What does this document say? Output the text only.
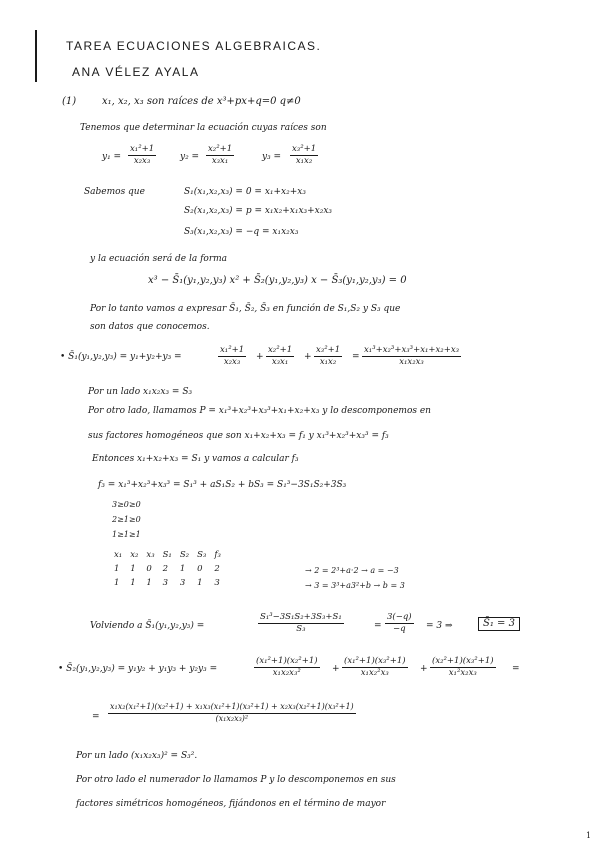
TAREA ECUACIONES ALGEBRAICAS.
ANA VÉLEZ AYALA
(1)	x₁, x₂, x₃ son raíces de x³+px+q=0 q≠0
Tenemos que determinar la ecuación cuyas raíces son
$y_1 = \frac{\text{x₁²+1}}{\text{x₂x₃}}$	$y_2 = \frac{\text{x₂²+1}}{\text{x₃x₁}}$	$y_3 = \frac{\text{x₃²+1}}{\text{x₁x₂}}$
Sabemos que	S₁(x₁,x₂,x₃) = 0 = x₁+x₂+x₃
S₂(x₁,x₂,x₃) = p = x₁x₂+x₁x₃+x₂x₃
S₃(x₁,x₂,x₃) = −q = x₁x₂x₃
y la ecuación será de la forma
x³ − S̄₁(y₁,y₂,y₃) x² + S̄₂(y₁,y₂,y₃) x − S̄₃(y₁,y₂,y₃) = 0
Por lo tanto vamos a expresar S̄₁, S̄₂, S̄₃ en función de S₁,S₂ y S₃ que
son datos que conocemos.
• S̄₁(y₁,y₂,y₃) = y₁+y₂+y₃ =	$\frac{\text{x₁²+1}}{\text{x₂x₃}} + \frac{\text{x₂²+1}}{\text{x₃x₁}} + \frac{\text{x₃²+1}}{\text{x₁x₂}} = \frac{\text{x₁³+x₂³+x₃³+x₁+x₂+x₃}}{\text{x₁x₂x₃}}$
Por un lado x₁x₂x₃ = S₃
Por otro lado, llamamos P = x₁³+x₂³+x₃³+x₁+x₂+x₃ y lo descomponemos en
sus factores homogéneos que son x₁+x₂+x₃ = f₁ y x₁³+x₂³+x₃³ = f₃
Entonces x₁+x₂+x₃ = S₁ y vamos a calcular f₃
f₃ = x₁³+x₂³+x₃³ = S₁³ + aS₁S₂ + bS₃ = S₁³−3S₁S₂+3S₃
3≥0≥0
2≥1≥0
1≥1≥1
x₁	x₂	x₃	S₁	S₂	S₃	f₃
1	1	0	2	1	0	2
1	1	1	3	3	1	3
→ 2 = 2³+a·2 → a = −3
→ 3 = 3³+a3²+b → b = 3
Volviendo a S̄₁(y₁,y₂,y₃) =	$\frac{\text{S₁³−3S₁S₂+3S₃+S₁}}{\text{S₃}}$	= $\frac{3(-q)}{-q} = 3$ ⇒	S̄₁ = 3
• S̄₂(y₁,y₂,y₃) = y₁y₂ + y₁y₃ + y₂y₃ =	$\frac{\text{(x₁²+1)(x₂²+1)}}{\text{x₁x₂x₃²}} + \frac{\text{(x₁²+1)(x₃²+1)}}{\text{x₁x₂²x₃}} + \frac{\text{(x₂²+1)(x₃²+1)}}{\text{x₁²x₂x₃}}$ =
= $\frac{\text{x₁x₂(x₁²+1)(x₂²+1) + x₁x₃(x₁²+1)(x₃²+1) + x₂x₃(x₂²+1)(x₃²+1)}}{\text{(x₁x₂x₃)²}}$
Por un lado (x₁x₂x₃)² = S₃².
Por otro lado el numerador lo llamamos P y lo descomponemos en sus
factores simétricos homogéneos, fijándonos en el término de mayor
1
